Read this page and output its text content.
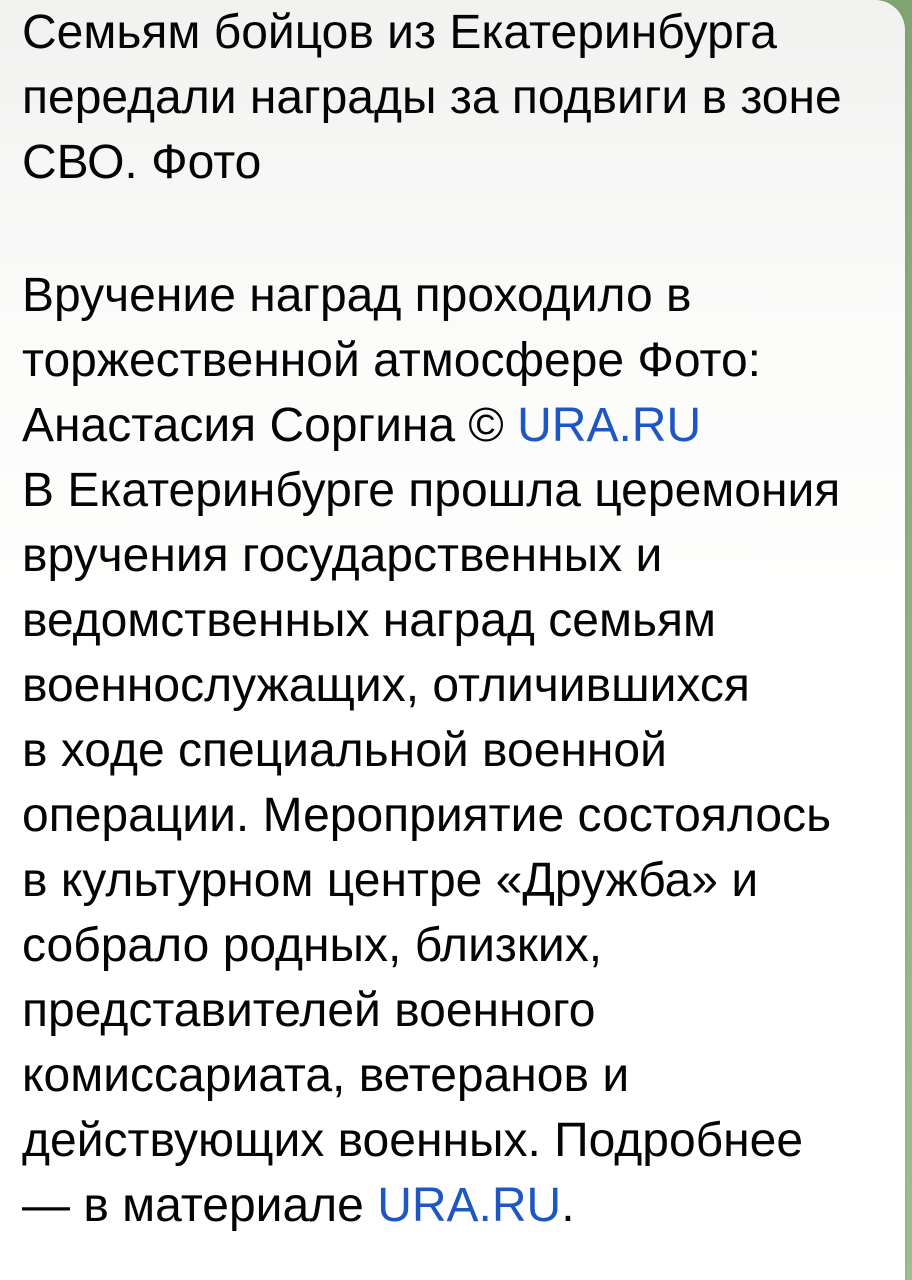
Семьям бойцов из Екатеринбурга
передали награды за подвиги в зоне
СВО. Фото
Вручение наград проходило в
торжественной атмосфере Фото:
Анастасия Соргина © URA.RU
В Екатеринбурге прошла церемония
вручения государственных и
ведомственных наград семьям
военнослужащих, отличившихся
в ходе специальной военной
операции. Мероприятие состоялось
в культурном центре «Дружба» и
собрало родных, близких,
представителей военного
комиссариата, ветеранов и
действующих военных. Подробнее
— в материале URA.RU.
